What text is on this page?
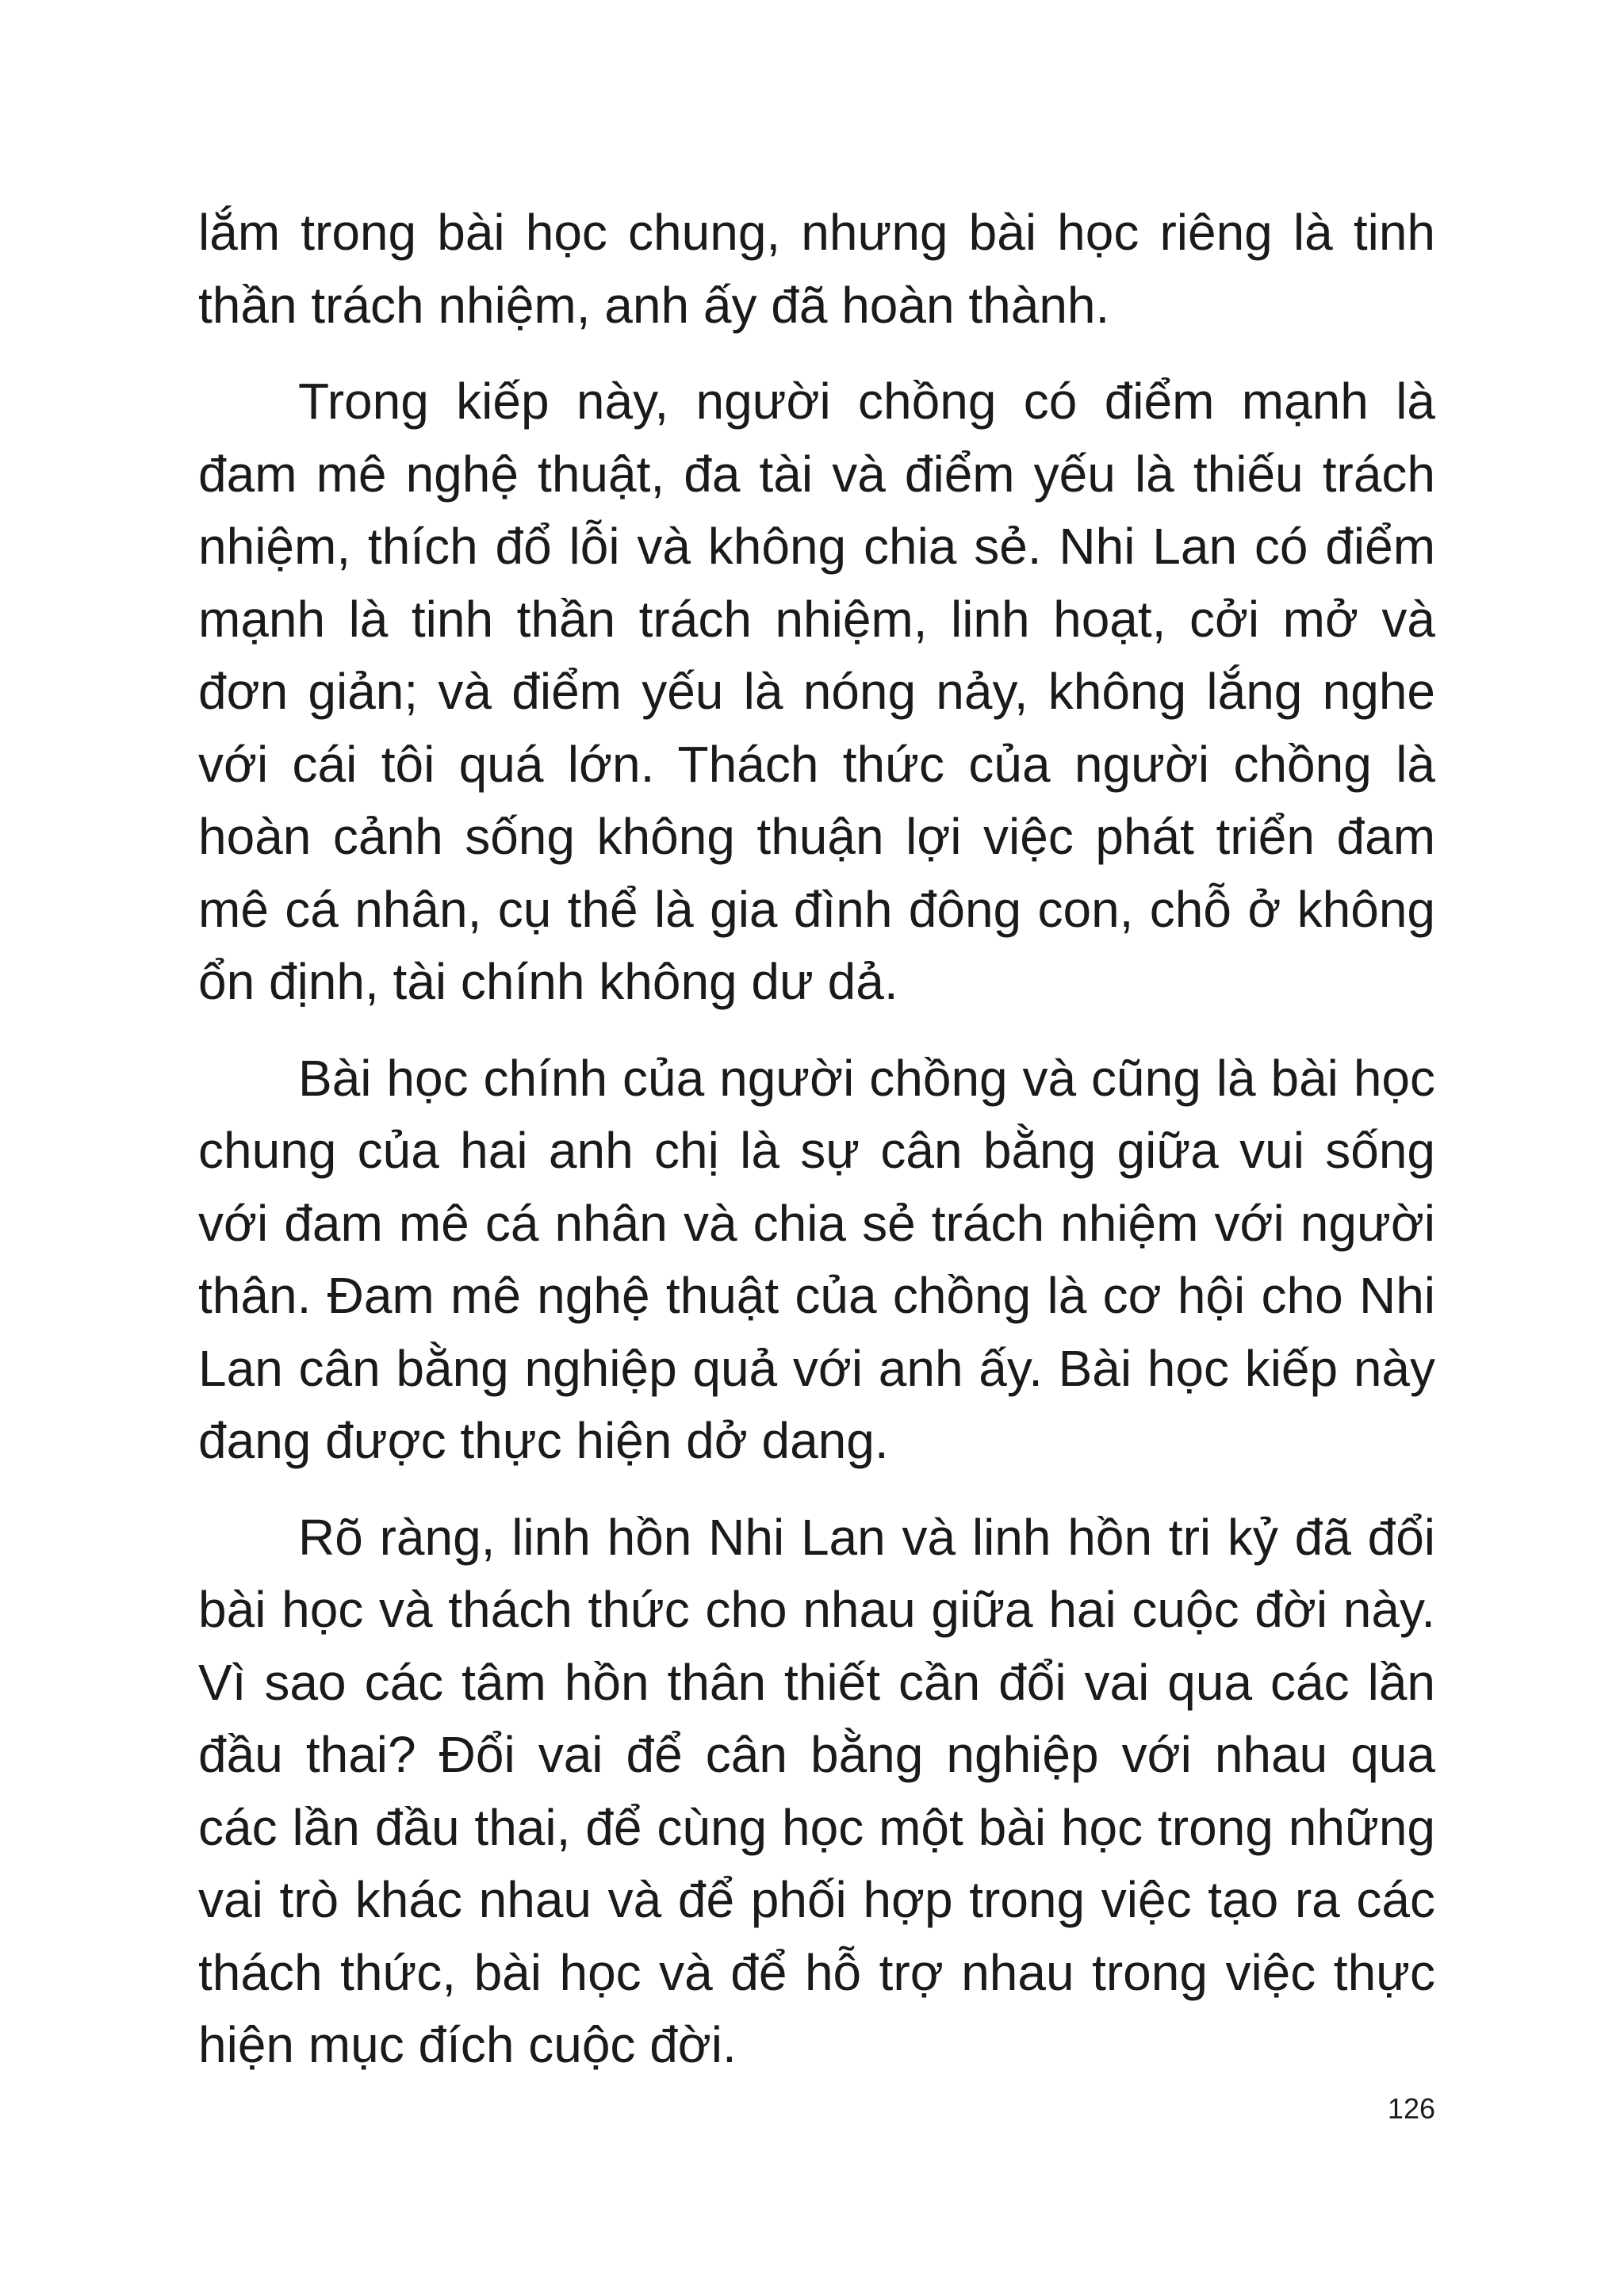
lắm trong bài học chung, nhưng bài học riêng là tinh thần trách nhiệm, anh ấy đã hoàn thành.

Trong kiếp này, người chồng có điểm mạnh là đam mê nghệ thuật, đa tài và điểm yếu là thiếu trách nhiệm, thích đổ lỗi và không chia sẻ. Nhi Lan có điểm mạnh là tinh thần trách nhiệm, linh hoạt, cởi mở và đơn giản; và điểm yếu là nóng nảy, không lắng nghe với cái tôi quá lớn. Thách thức của người chồng là hoàn cảnh sống không thuận lợi việc phát triển đam mê cá nhân, cụ thể là gia đình đông con, chỗ ở không ổn định, tài chính không dư dả.

Bài học chính của người chồng và cũng là bài học chung của hai anh chị là sự cân bằng giữa vui sống với đam mê cá nhân và chia sẻ trách nhiệm với người thân. Đam mê nghệ thuật của chồng là cơ hội cho Nhi Lan cân bằng nghiệp quả với anh ấy. Bài học kiếp này đang được thực hiện dở dang.

Rõ ràng, linh hồn Nhi Lan và linh hồn tri kỷ đã đổi bài học và thách thức cho nhau giữa hai cuộc đời này. Vì sao các tâm hồn thân thiết cần đổi vai qua các lần đầu thai? Đổi vai để cân bằng nghiệp với nhau qua các lần đầu thai, để cùng học một bài học trong những vai trò khác nhau và để phối hợp trong việc tạo ra các thách thức, bài học và để hỗ trợ nhau trong việc thực hiện mục đích cuộc đời.

126
